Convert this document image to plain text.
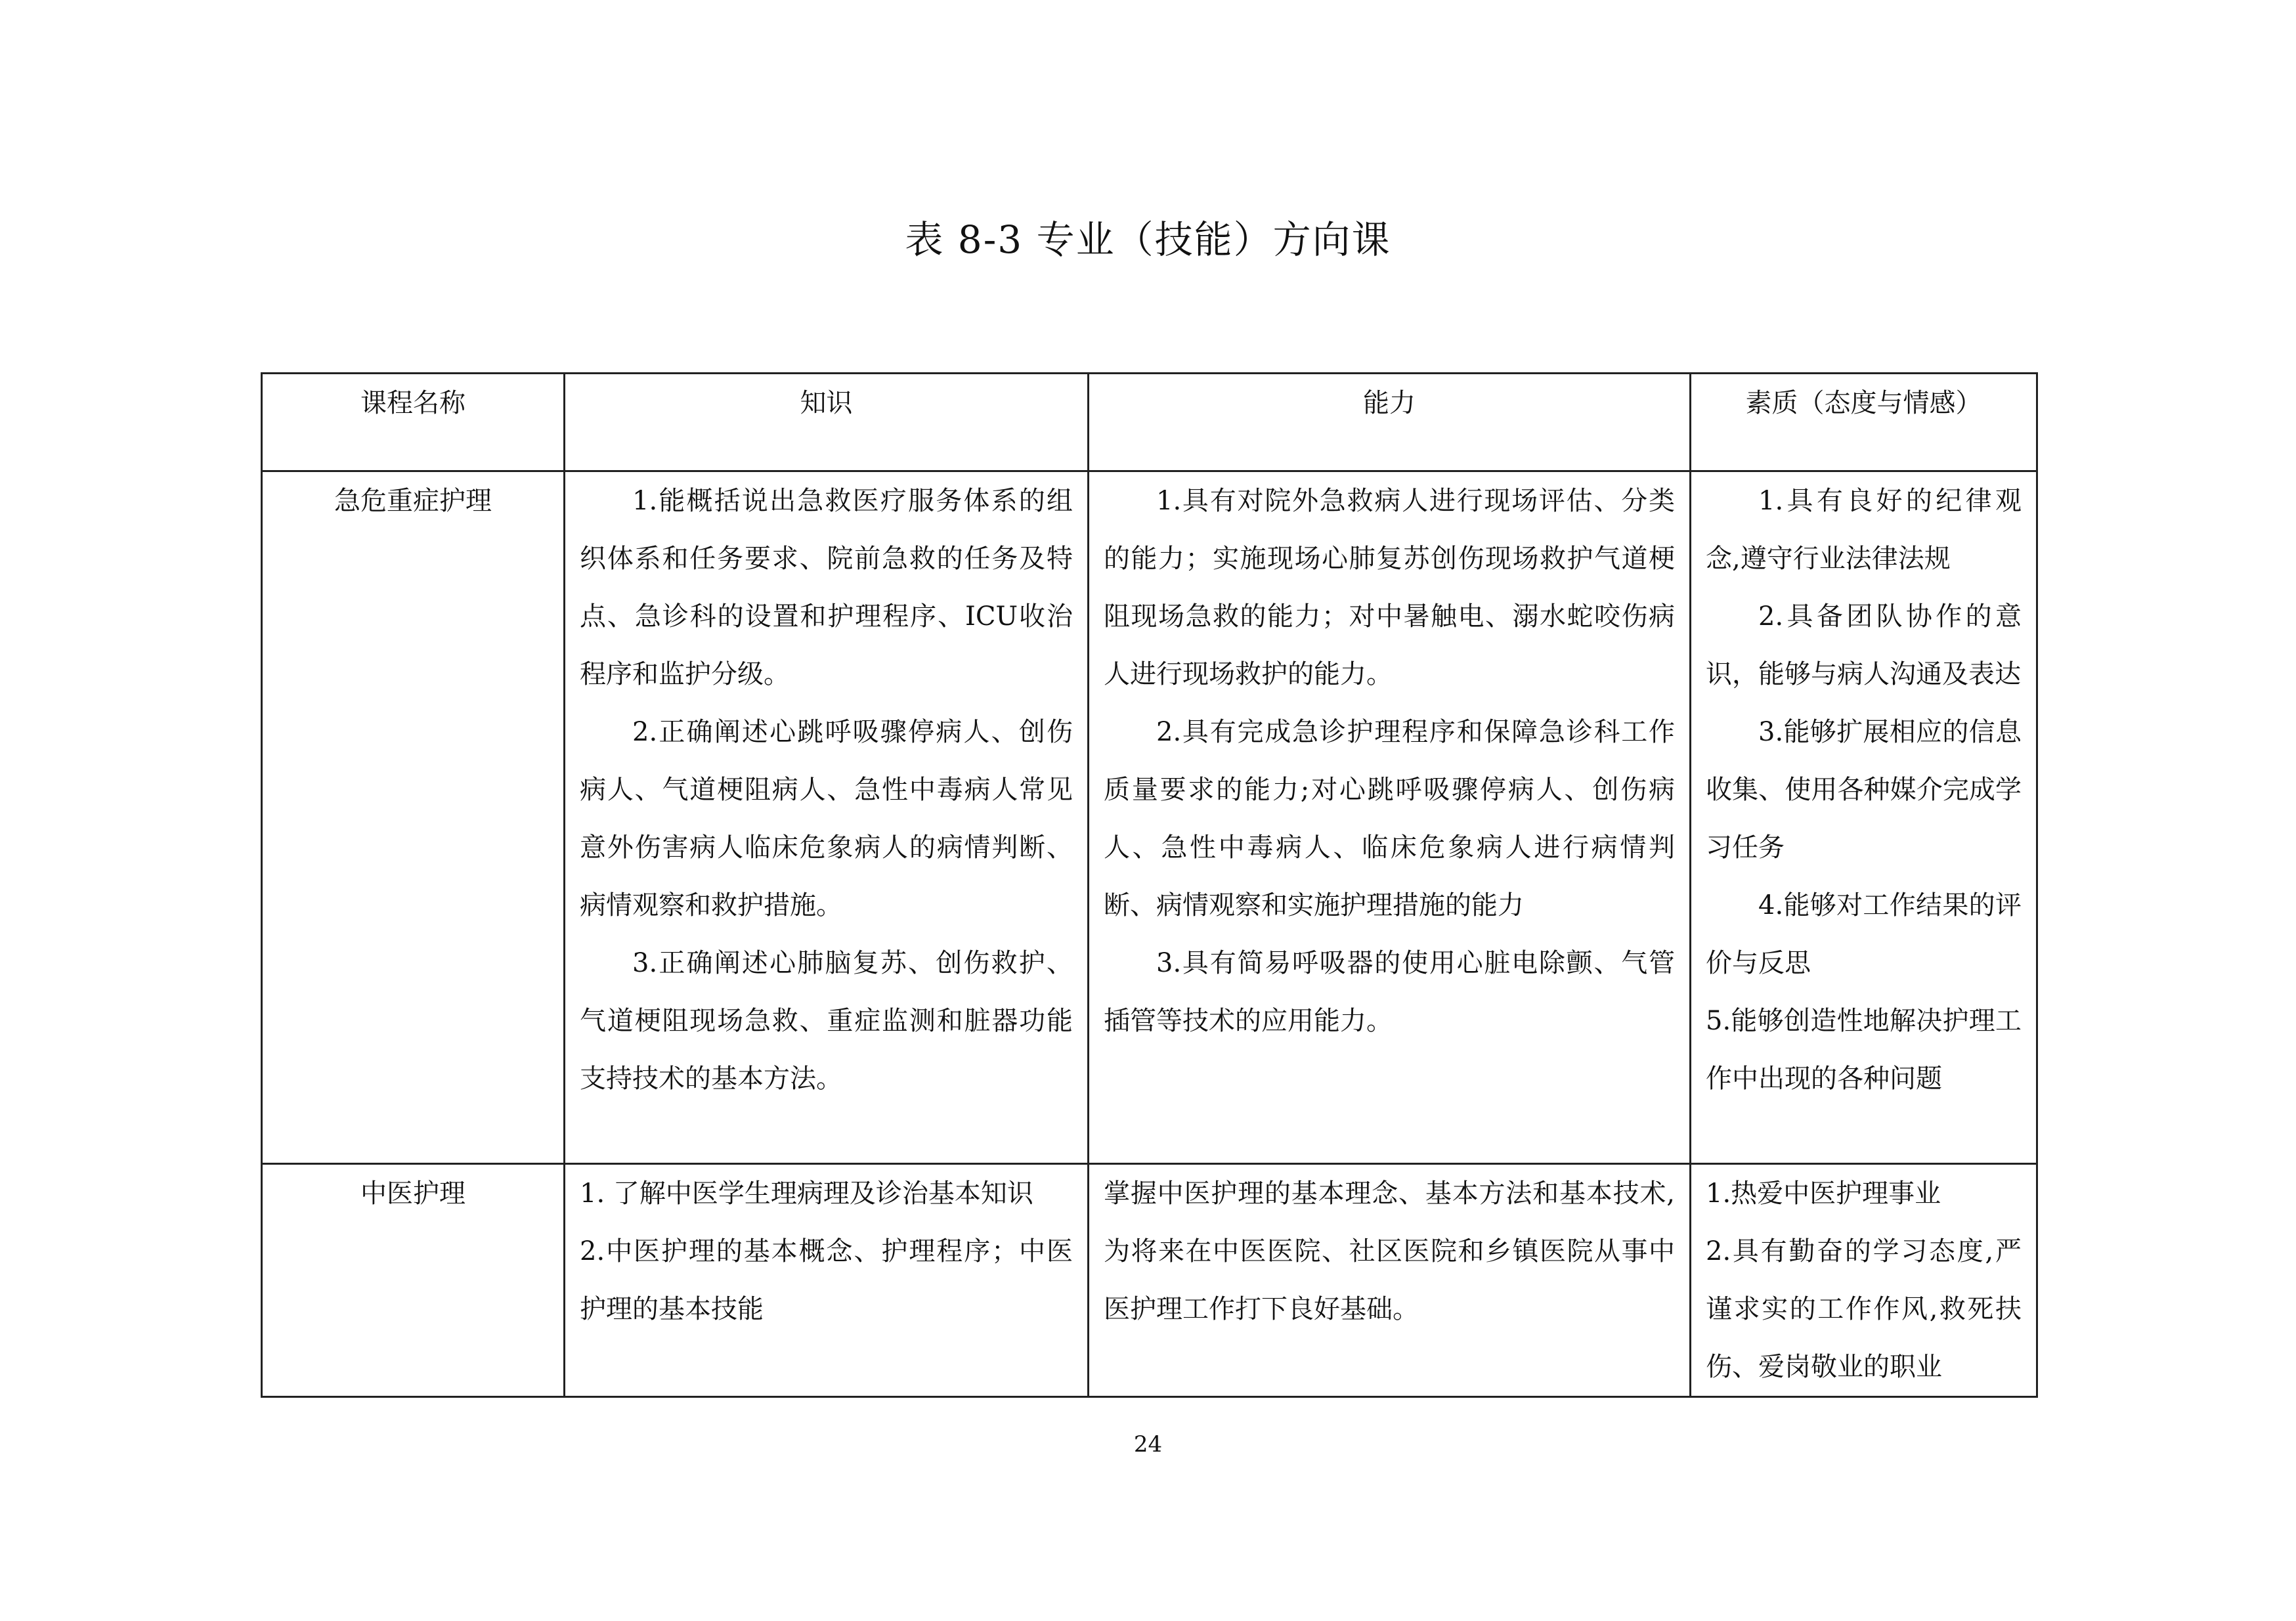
表 8-3 专业（技能）方向课
课程名称	知识	能力	素质（态度与情感）
急危重症护理	1.能概括说出急救医疗服务体系的组织体系和任务要求、院前急救的任务及特点、急诊科的设置和护理程序、ICU收治程序和监护分级。
2.正确阐述心跳呼吸骤停病人、创伤病人、气道梗阻病人、急性中毒病人常见意外伤害病人临床危象病人的病情判断、病情观察和救护措施。
3.正确阐述心肺脑复苏、创伤救护、气道梗阻现场急救、重症监测和脏器功能支持技术的基本方法。	1.具有对院外急救病人进行现场评估、分类的能力；实施现场心肺复苏创伤现场救护气道梗阻现场急救的能力；对中暑触电、溺水蛇咬伤病人进行现场救护的能力。
2.具有完成急诊护理程序和保障急诊科工作质量要求的能力;对心跳呼吸骤停病人、创伤病人、急性中毒病人、临床危象病人进行病情判断、病情观察和实施护理措施的能力
3.具有简易呼吸器的使用心脏电除颤、气管插管等技术的应用能力。	1.具有良好的纪律观念,遵守行业法律法规
2.具备团队协作的意识，能够与病人沟通及表达
3.能够扩展相应的信息收集、使用各种媒介完成学习任务
4.能够对工作结果的评价与反思
5.能够创造性地解决护理工作中出现的各种问题

中医护理	1. 了解中医学生理病理及诊治基本知识
2.中医护理的基本概念、护理程序；中医护理的基本技能	掌握中医护理的基本理念、基本方法和基本技术,为将来在中医医院、社区医院和乡镇医院从事中医护理工作打下良好基础。	1.热爱中医护理事业
2.具有勤奋的学习态度,严谨求实的工作作风,救死扶伤、爱岗敬业的职业
24
